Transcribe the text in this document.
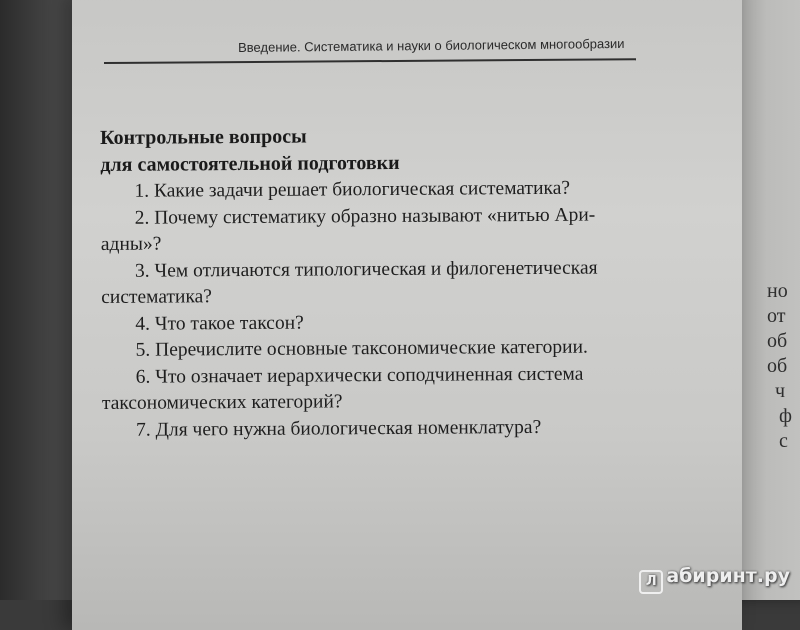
но
от
об
об
ч
ф
с
Введение. Систематика и науки о биологическом многообразии
Контрольные вопросы
для самостоятельной подготовки

1. Какие задачи решает биологическая систематика?

2. Почему систематику образно называют «нитью Ари-

адны»?

3. Чем отличаются типологическая и филогенетическая

систематика?

4. Что такое таксон?

5. Перечислите основные таксономические категории.

6. Что означает иерархически соподчиненная система

таксономических категорий?

7. Для чего нужна биологическая номенклатура?

Л абиринт.ру
